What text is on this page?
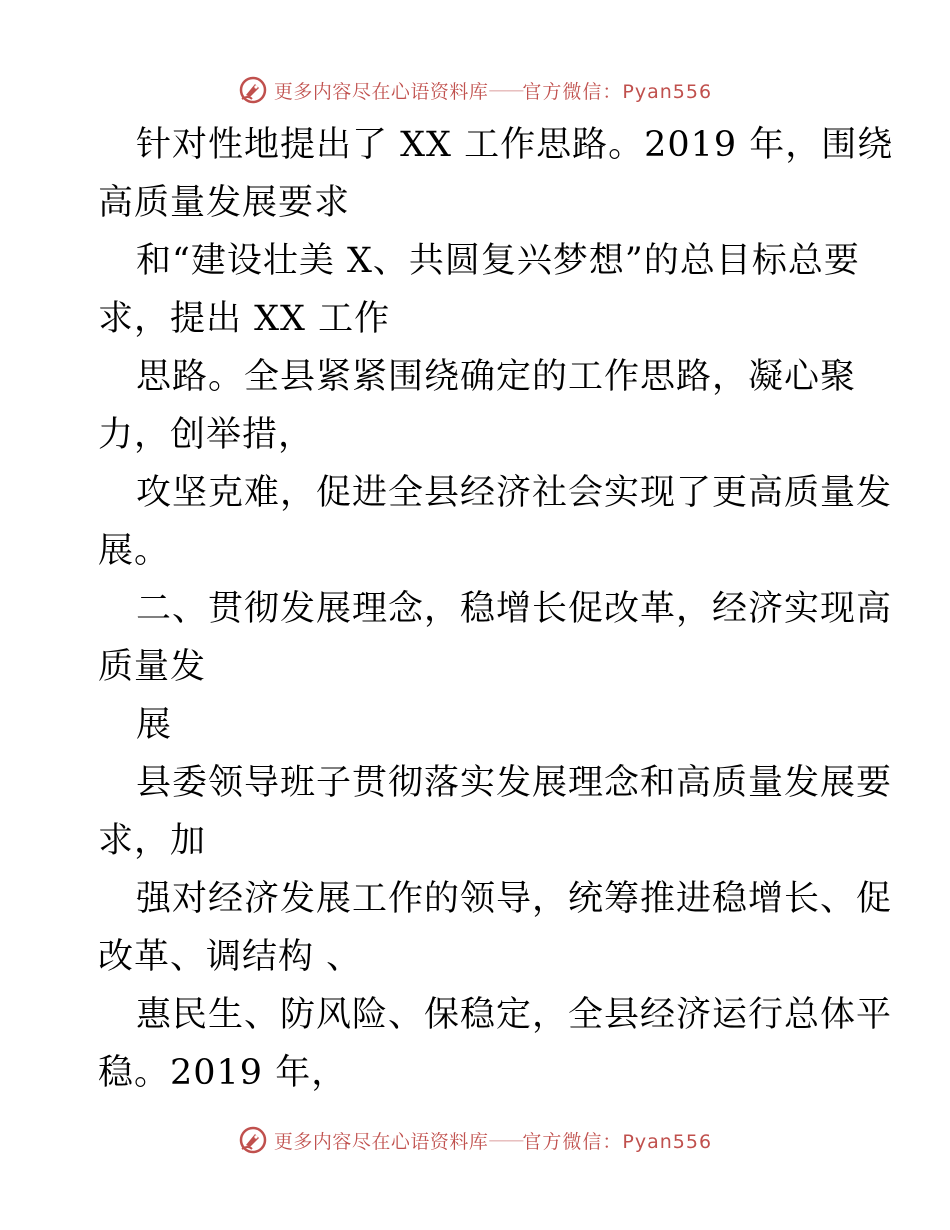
更多内容尽在心语资料库 —— 官方微信：Pyan556
针对性地提出了 XX 工作思路。2019 年，围绕
高质量发展要求
和“建设壮美 X、共圆复兴梦想”的总目标总要
求，提出 XX 工作
思路。全县紧紧围绕确定的工作思路，凝心聚
力，创举措，
攻坚克难，促进全县经济社会实现了更高质量发
展。
二、贯彻发展理念，稳增长促改革，经济实现高
质量发
展
县委领导班子贯彻落实发展理念和高质量发展要
求，加
强对经济发展工作的领导，统筹推进稳增长、促
改革、调结构 、
惠民生、防风险、保稳定，全县经济运行总体平
稳。2019 年，
更多内容尽在心语资料库 —— 官方微信：Pyan556
